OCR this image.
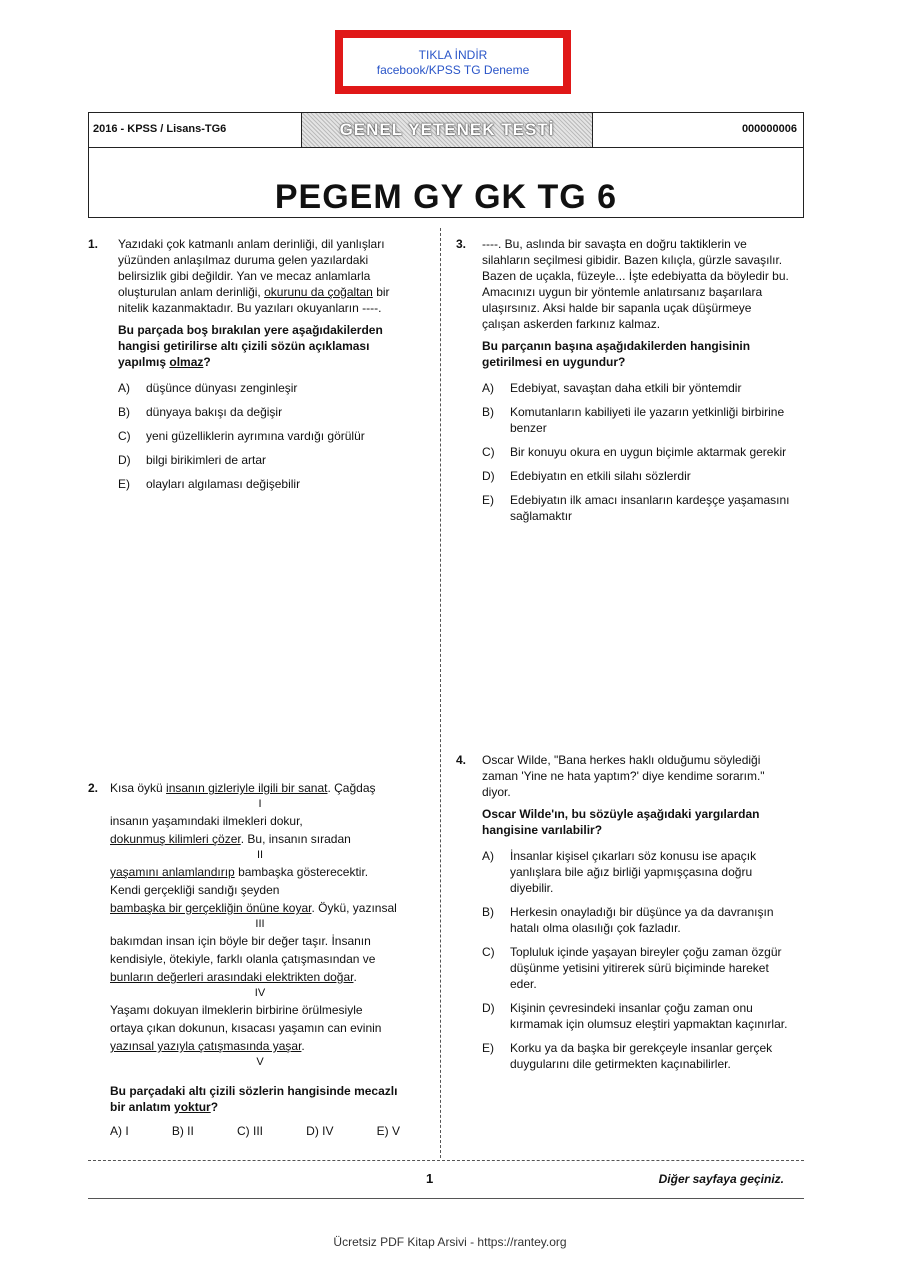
TIKLA İNDİR
facebook/KPSS TG Deneme
2016 - KPSS / Lisans-TG6	GENEL YETENEK TESTİ	000000006
PEGEM GY GK TG 6
1. Yazıdaki çok katmanlı anlam derinliği, dil yanlışları yüzünden anlaşılmaz duruma gelen yazılardaki belirsizlik gibi değildir. Yan ve mecaz anlamlarla oluşturulan anlam derinliği, okurunu da çoğaltan bir nitelik kazanmaktadır. Bu yazıları okuyanların ----.
Bu parçada boş bırakılan yere aşağıdakilerden hangisi getirilirse altı çizili sözün açıklaması yapılmış olmaz?
A) düşünce dünyası zenginleşir
B) dünyaya bakışı da değişir
C) yeni güzelliklerin ayrımına vardığı görülür
D) bilgi birikimleri de artar
E) olayları algılaması değişebilir
2. Kısa öykü insanın gizleriyle ilgili bir sanat. Çağdaş
I
insanın yaşamındaki ilmekleri dokur,
dokunmuş kilimleri çözer. Bu, insanın sıradan
II
yaşamını anlamlandırıp bambaşka gösterecektir.
Kendi gerçekliği sandığı şeyden
bambaşka bir gerçekliğin önüne koyar. Öykü, yazınsal
III
bakımdan insan için böyle bir değer taşır. İnsanın
kendisiyle, ötekiyle, farklı olanla çatışmasından ve
bunların değerleri arasındaki elektrikten doğar.
IV
Yaşamı dokuyan ilmeklerin birbirine örülmesiyle
ortaya çıkan dokunun, kısacası yaşamın can evinin
yazınsal yazıyla çatışmasında yaşar.
V
Bu parçadaki altı çizili sözlerin hangisinde mecazlı bir anlatım yoktur?
A) I	B) II	C) III	D) IV	E) V
3. ----. Bu, aslında bir savaşta en doğru taktiklerin ve silahların seçilmesi gibidir. Bazen kılıçla, gürzle savaşılır. Bazen de uçakla, füzeyle... İşte edebiyatta da böyledir bu. Amacınızı uygun bir yöntemle anlatırsanız başarılara ulaşırsınız. Aksi halde bir sapanla uçak düşürmeye çalışan askerden farkınız kalmaz.
Bu parçanın başına aşağıdakilerden hangisinin getirilmesi en uygundur?
A) Edebiyat, savaştan daha etkili bir yöntemdir
B) Komutanların kabiliyeti ile yazarın yetkinliği birbirine benzer
C) Bir konuyu okura en uygun biçimle aktarmak gerekir
D) Edebiyatın en etkili silahı sözlerdir
E) Edebiyatın ilk amacı insanların kardeşçe yaşamasını sağlamaktır
4. Oscar Wilde, "Bana herkes haklı olduğumu söylediği zaman 'Yine ne hata yaptım?' diye kendime sorarım." diyor.
Oscar Wilde'ın, bu sözüyle aşağıdaki yargılardan hangisine varılabilir?
A) İnsanlar kişisel çıkarları söz konusu ise apaçık yanlışlara bile ağız birliği yapmışçasına doğru diyebilir.
B) Herkesin onayladığı bir düşünce ya da davranışın hatalı olma olasılığı çok fazladır.
C) Topluluk içinde yaşayan bireyler çoğu zaman özgür düşünme yetisini yitirerek sürü biçiminde hareket eder.
D) Kişinin çevresindeki insanlar çoğu zaman onu kırmamak için olumsuz eleştiri yapmaktan kaçınırlar.
E) Korku ya da başka bir gerekçeyle insanlar gerçek duygularını dile getirmekten kaçınabilirler.
1	Diğer sayfaya geçiniz.
Ücretsiz PDF Kitap Arsivi - https://rantey.org
